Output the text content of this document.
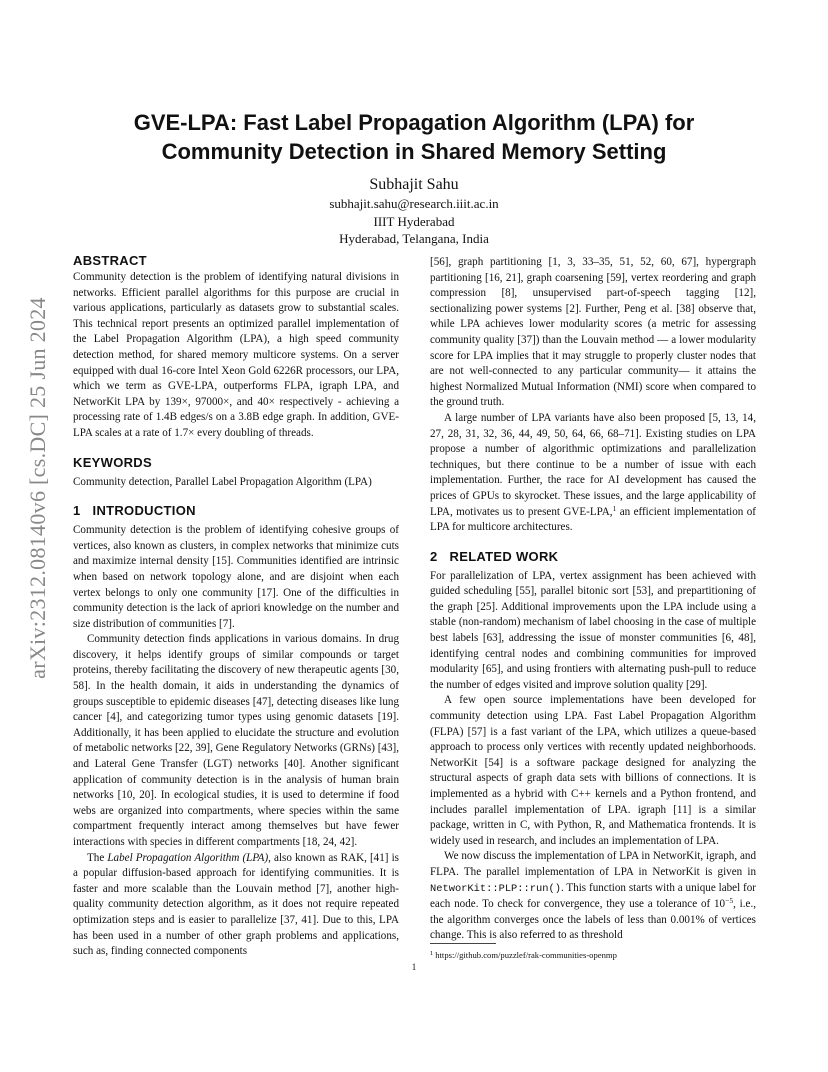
arXiv:2312.08140v6 [cs.DC] 25 Jun 2024
GVE-LPA: Fast Label Propagation Algorithm (LPA) for
Community Detection in Shared Memory Setting
Subhajit Sahu
subhajit.sahu@research.iiit.ac.in
IIIT Hyderabad
Hyderabad, Telangana, India
ABSTRACT

Community detection is the problem of identifying natural divisions in networks. Efficient parallel algorithms for this purpose are crucial in various applications, particularly as datasets grow to substantial scales. This technical report presents an optimized parallel implementation of the Label Propagation Algorithm (LPA), a high speed community detection method, for shared memory multicore systems. On a server equipped with dual 16-core Intel Xeon Gold 6226R processors, our LPA, which we term as GVE-LPA, outperforms FLPA, igraph LPA, and NetworKit LPA by 139×, 97000×, and 40× respectively - achieving a processing rate of 1.4B edges/s on a 3.8B edge graph. In addition, GVE-LPA scales at a rate of 1.7× every doubling of threads.

KEYWORDS

Community detection, Parallel Label Propagation Algorithm (LPA)

1 INTRODUCTION

Community detection is the problem of identifying cohesive groups of vertices, also known as clusters, in complex networks that minimize cuts and maximize internal density [15]. Communities identified are intrinsic when based on network topology alone, and are disjoint when each vertex belongs to only one community [17]. One of the difficulties in community detection is the lack of apriori knowledge on the number and size distribution of communities [7].

Community detection finds applications in various domains. In drug discovery, it helps identify groups of similar compounds or target proteins, thereby facilitating the discovery of new therapeutic agents [30, 58]. In the health domain, it aids in understanding the dynamics of groups susceptible to epidemic diseases [47], detecting diseases like lung cancer [4], and categorizing tumor types using genomic datasets [19]. Additionally, it has been applied to elucidate the structure and evolution of metabolic networks [22, 39], Gene Regulatory Networks (GRNs) [43], and Lateral Gene Transfer (LGT) networks [40]. Another significant application of community detection is in the analysis of human brain networks [10, 20]. In ecological studies, it is used to determine if food webs are organized into compartments, where species within the same compartment frequently interact among themselves but have fewer interactions with species in different compartments [18, 24, 42].

The Label Propagation Algorithm (LPA), also known as RAK, [41] is a popular diffusion-based approach for identifying communities. It is faster and more scalable than the Louvain method [7], another high-quality community detection algorithm, as it does not require repeated optimization steps and is easier to parallelize [37, 41]. Due to this, LPA has been used in a number of other graph problems and applications, such as, finding connected components

[56], graph partitioning [1, 3, 33–35, 51, 52, 60, 67], hypergraph partitioning [16, 21], graph coarsening [59], vertex reordering and graph compression [8], unsupervised part-of-speech tagging [12], sectionalizing power systems [2]. Further, Peng et al. [38] observe that, while LPA achieves lower modularity scores (a metric for assessing community quality [37]) than the Louvain method — a lower modularity score for LPA implies that it may struggle to properly cluster nodes that are not well-connected to any particular community— it attains the highest Normalized Mutual Information (NMI) score when compared to the ground truth.

A large number of LPA variants have also been proposed [5, 13, 14, 27, 28, 31, 32, 36, 44, 49, 50, 64, 66, 68–71]. Existing studies on LPA propose a number of algorithmic optimizations and parallelization techniques, but there continue to be a number of issue with each implementation. Further, the race for AI development has caused the prices of GPUs to skyrocket. These issues, and the large applicability of LPA, motivates us to present GVE-LPA,$^1$ an efficient implementation of LPA for multicore architectures.

2 RELATED WORK

For parallelization of LPA, vertex assignment has been achieved with guided scheduling [55], parallel bitonic sort [53], and prepartitioning of the graph [25]. Additional improvements upon the LPA include using a stable (non-random) mechanism of label choosing in the case of multiple best labels [63], addressing the issue of monster communities [6, 48], identifying central nodes and combining communities for improved modularity [65], and using frontiers with alternating push-pull to reduce the number of edges visited and improve solution quality [29].

A few open source implementations have been developed for community detection using LPA. Fast Label Propagation Algorithm (FLPA) [57] is a fast variant of the LPA, which utilizes a queue-based approach to process only vertices with recently updated neighborhoods. NetworKit [54] is a software package designed for analyzing the structural aspects of graph data sets with billions of connections. It is implemented as a hybrid with C++ kernels and a Python frontend, and includes parallel implementation of LPA. igraph [11] is a similar package, written in C, with Python, R, and Mathematica frontends. It is widely used in research, and includes an implementation of LPA.

We now discuss the implementation of LPA in NetworKit, igraph, and FLPA. The parallel implementation of LPA in NetworKit is given in NetworKit::PLP::run(). This function starts with a unique label for each node. To check for convergence, they use a tolerance of $10^{-5}$, i.e., the algorithm converges once the labels of less than 0.001% of vertices change. This is also referred to as threshold

$^1$ https://github.com/puzzlef/rak-communities-openmp
1
